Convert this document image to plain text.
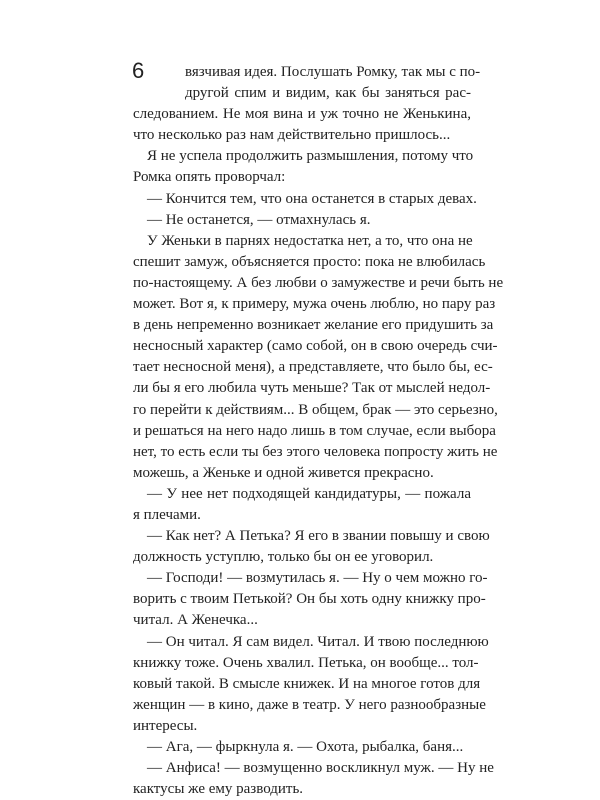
6	вязчивая идея. Послушать Ромку, так мы с по-
другой спим и видим, как бы заняться рас-
следованием. Не моя вина и уж точно не Женькина,
что несколько раз нам действительно пришлось...
Я не успела продолжить размышления, потому что
Ромка опять проворчал:
— Кончится тем, что она останется в старых девах.
— Не останется, — отмахнулась я.
У Женьки в парнях недостатка нет, а то, что она не
спешит замуж, объясняется просто: пока не влюбилась
по-настоящему. А без любви о замужестве и речи быть не
может. Вот я, к примеру, мужа очень люблю, но пару раз
в день непременно возникает желание его придушить за
несносный характер (само собой, он в свою очередь счи-
тает несносной меня), а представляете, что было бы, ес-
ли бы я его любила чуть меньше? Так от мыслей недол-
го перейти к действиям... В общем, брак — это серьезно,
и решаться на него надо лишь в том случае, если выбора
нет, то есть если ты без этого человека попросту жить не
можешь, а Женьке и одной живется прекрасно.
— У нее нет подходящей кандидатуры, — пожала
я плечами.
— Как нет? А Петька? Я его в звании повышу и свою
должность уступлю, только бы он ее уговорил.
— Господи! — возмутилась я. — Ну о чем можно го-
ворить с твоим Петькой? Он бы хоть одну книжку про-
читал. А Женечка...
— Он читал. Я сам видел. Читал. И твою последнюю
книжку тоже. Очень хвалил. Петька, он вообще... тол-
ковый такой. В смысле книжек. И на многое готов для
женщин — в кино, даже в театр. У него разнообразные
интересы.
— Ага, — фыркнула я. — Охота, рыбалка, баня...
— Анфиса! — возмущенно воскликнул муж. — Ну не
кактусы же ему разводить.
